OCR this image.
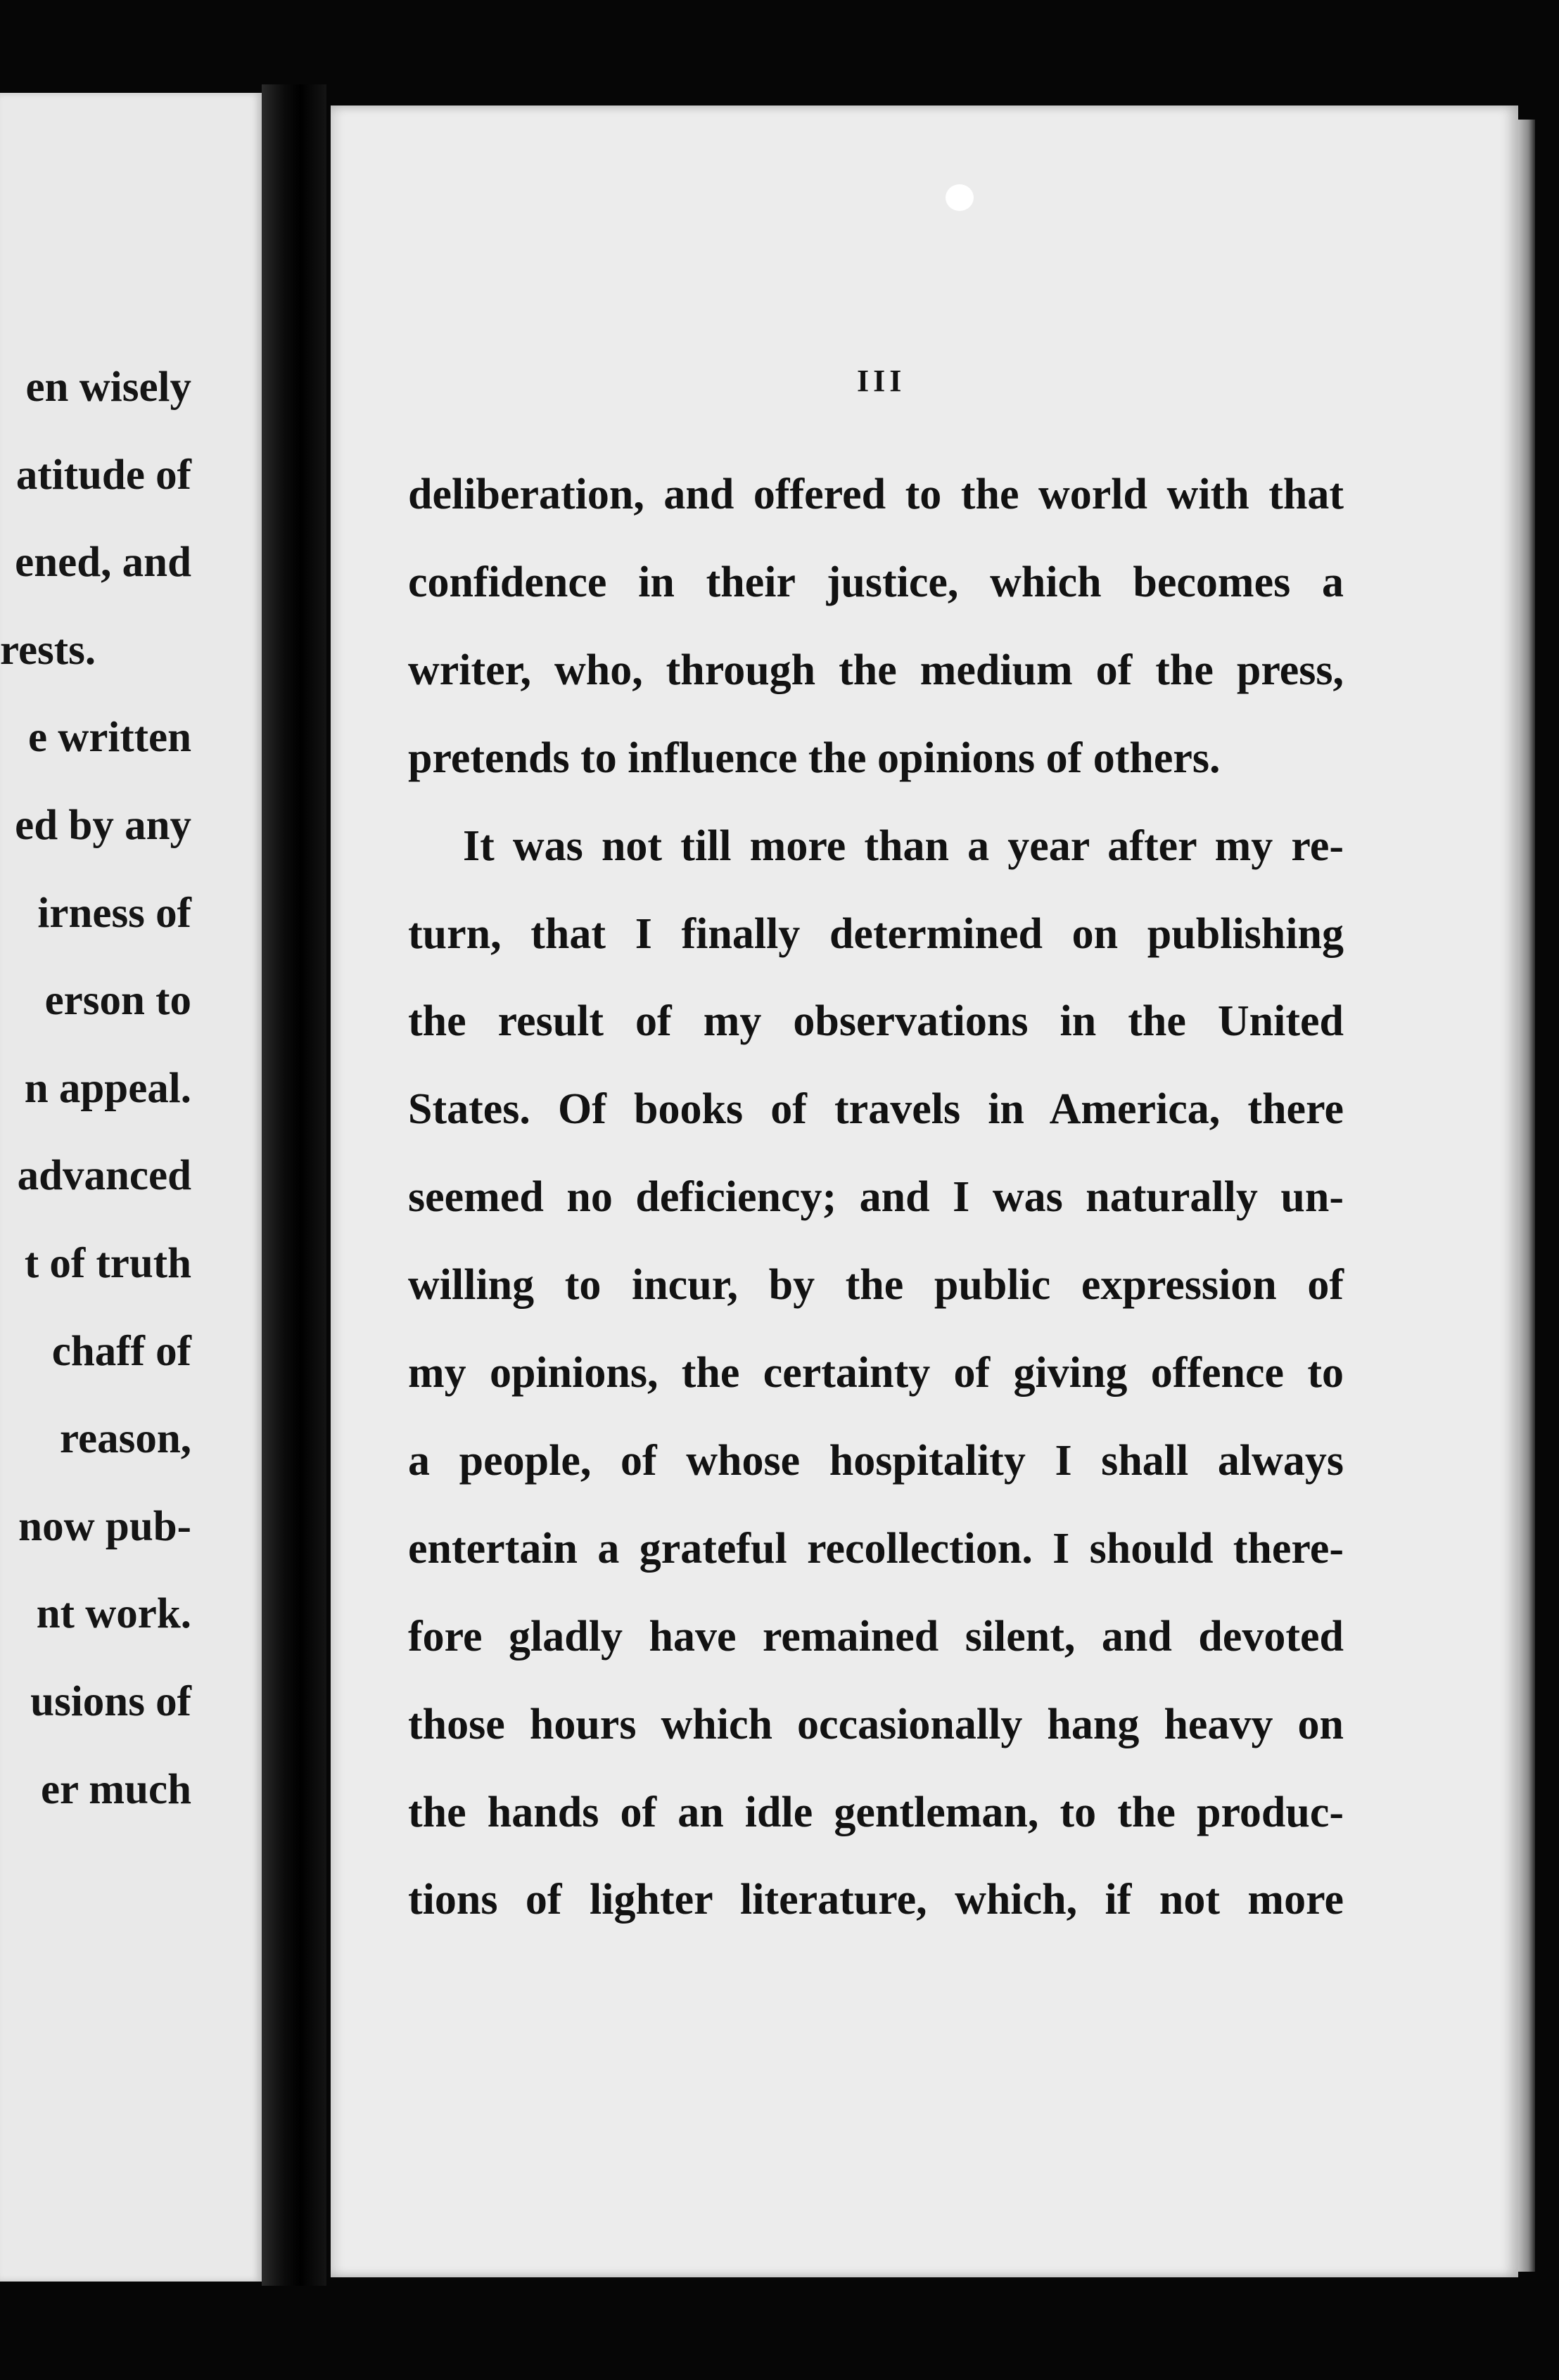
en wisely
atitude of
ened, and
rests.
e written
ed by any
irness of
erson to
n appeal.
advanced
t of truth
chaff of
reason,
now pub-
nt work.
usions of
er much
III
deliberation, and offered to the world with that
confidence in their justice, which becomes a
writer, who, through the medium of the press,
pretends to influence the opinions of others.
It was not till more than a year after my re-
turn, that I finally determined on publishing
the result of my observations in the United
States. Of books of travels in America, there
seemed no deficiency; and I was naturally un-
willing to incur, by the public expression of
my opinions, the certainty of giving offence to
a people, of whose hospitality I shall always
entertain a grateful recollection. I should there-
fore gladly have remained silent, and devoted
those hours which occasionally hang heavy on
the hands of an idle gentleman, to the produc-
tions of lighter literature, which, if not more
